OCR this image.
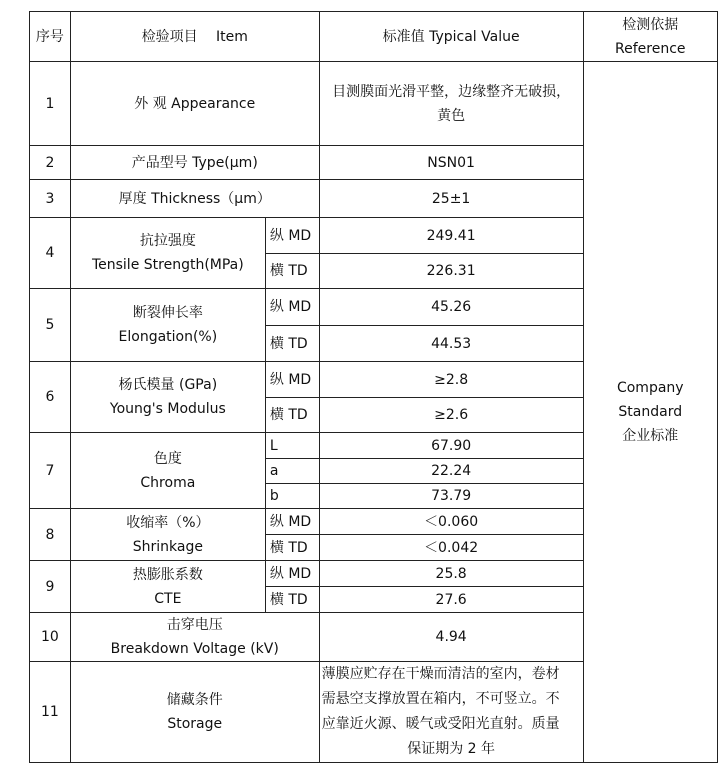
序号	检验项目　 Item		标准值 Typical Value	检测依据
Reference

1	外 观 Appearance		目测膜面光滑平整，边缘整齐无破损，
黄色	Company
Standard
企业标准

2	产品型号 Type(μm)		NSN01	
3	厚度 Thickness（μm）		25±1	
4	抗拉强度
Tensile Strength(MPa)	纵 MD	249.41	
		横 TD	226.31	
5	断裂伸长率
Elongation(%)	纵 MD	45.26	
		横 TD	44.53	
6	杨氏模量 (GPa)
Young's Modulus	纵 MD	≥2.8	
		横 TD	≥2.6	
7	色度
Chroma	L	67.90	
		a	22.24	
		b	73.79	
8	收缩率（%）
Shrinkage	纵 MD	＜0.060	
		横 TD	＜0.042	
9	热膨胀系数
CTE	纵 MD	25.8	
		横 TD	27.6	
10	击穿电压
Breakdown Voltage (kV)		4.94	
11	储藏条件
Storage		薄膜应贮存在干燥而清洁的室内，卷材
需悬空支撑放置在箱内，不可竖立。不
应靠近火源、暖气或受阳光直射。质量
保证期为 2 年	
